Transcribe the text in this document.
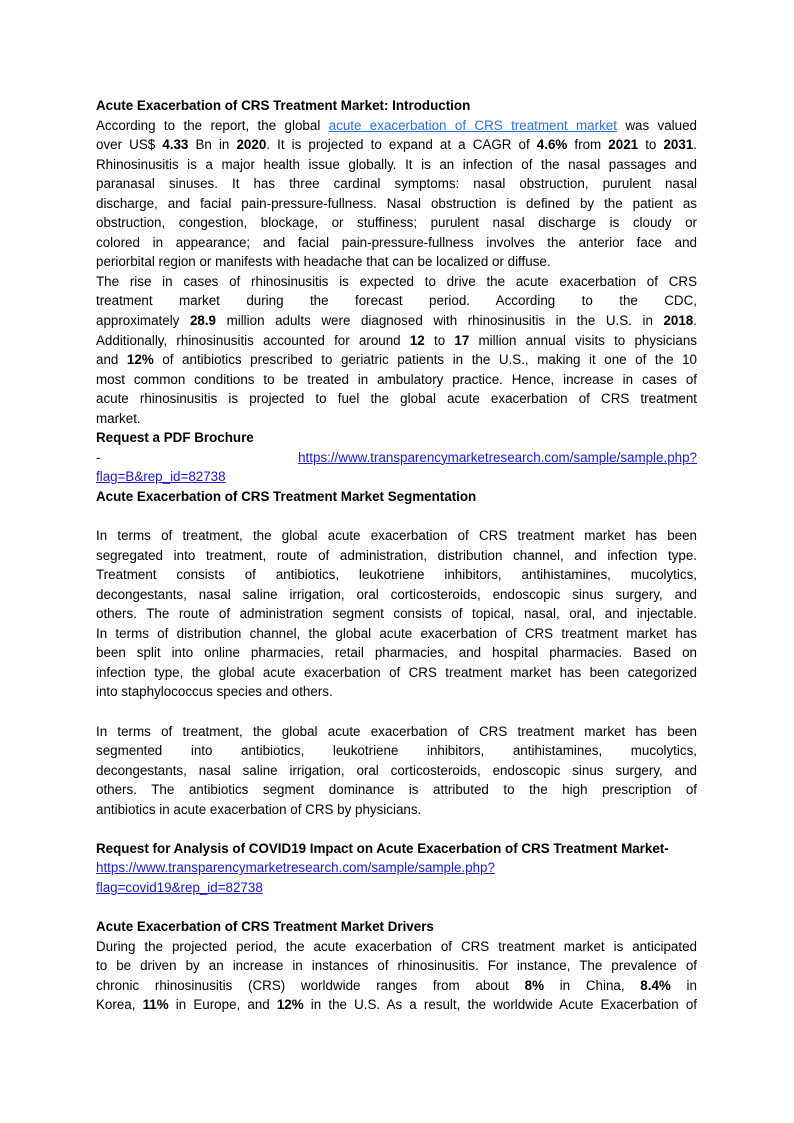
Acute Exacerbation of CRS Treatment Market: Introduction
According to the report, the global acute exacerbation of CRS treatment market was valued
over US$ 4.33 Bn in 2020. It is projected to expand at a CAGR of 4.6% from 2021 to 2031.
Rhinosinusitis is a major health issue globally. It is an infection of the nasal passages and
paranasal sinuses. It has three cardinal symptoms: nasal obstruction, purulent nasal
discharge, and facial pain-pressure-fullness. Nasal obstruction is defined by the patient as
obstruction, congestion, blockage, or stuffiness; purulent nasal discharge is cloudy or
colored in appearance; and facial pain-pressure-fullness involves the anterior face and
periorbital region or manifests with headache that can be localized or diffuse.
The rise in cases of rhinosinusitis is expected to drive the acute exacerbation of CRS
treatment market during the forecast period. According to the CDC,
approximately 28.9 million adults were diagnosed with rhinosinusitis in the U.S. in 2018.
Additionally, rhinosinusitis accounted for around 12 to 17 million annual visits to physicians
and 12% of antibiotics prescribed to geriatric patients in the U.S., making it one of the 10
most common conditions to be treated in ambulatory practice. Hence, increase in cases of
acute rhinosinusitis is projected to fuel the global acute exacerbation of CRS treatment
market.
Request a PDF Brochure
- https://www.transparencymarketresearch.com/sample/sample.php?
flag=B&rep_id=82738
Acute Exacerbation of CRS Treatment Market Segmentation
In terms of treatment, the global acute exacerbation of CRS treatment market has been
segregated into treatment, route of administration, distribution channel, and infection type.
Treatment consists of antibiotics, leukotriene inhibitors, antihistamines, mucolytics,
decongestants, nasal saline irrigation, oral corticosteroids, endoscopic sinus surgery, and
others. The route of administration segment consists of topical, nasal, oral, and injectable.
In terms of distribution channel, the global acute exacerbation of CRS treatment market has
been split into online pharmacies, retail pharmacies, and hospital pharmacies. Based on
infection type, the global acute exacerbation of CRS treatment market has been categorized
into staphylococcus species and others.
In terms of treatment, the global acute exacerbation of CRS treatment market has been
segmented into antibiotics, leukotriene inhibitors, antihistamines, mucolytics,
decongestants, nasal saline irrigation, oral corticosteroids, endoscopic sinus surgery, and
others. The antibiotics segment dominance is attributed to the high prescription of
antibiotics in acute exacerbation of CRS by physicians.
Request for Analysis of COVID19 Impact on Acute Exacerbation of CRS Treatment Market-
https://www.transparencymarketresearch.com/sample/sample.php?
flag=covid19&rep_id=82738
Acute Exacerbation of CRS Treatment Market Drivers
During the projected period, the acute exacerbation of CRS treatment market is anticipated
to be driven by an increase in instances of rhinosinusitis. For instance, The prevalence of
chronic rhinosinusitis (CRS) worldwide ranges from about 8% in China, 8.4% in
Korea, 11% in Europe, and 12% in the U.S. As a result, the worldwide Acute Exacerbation of
